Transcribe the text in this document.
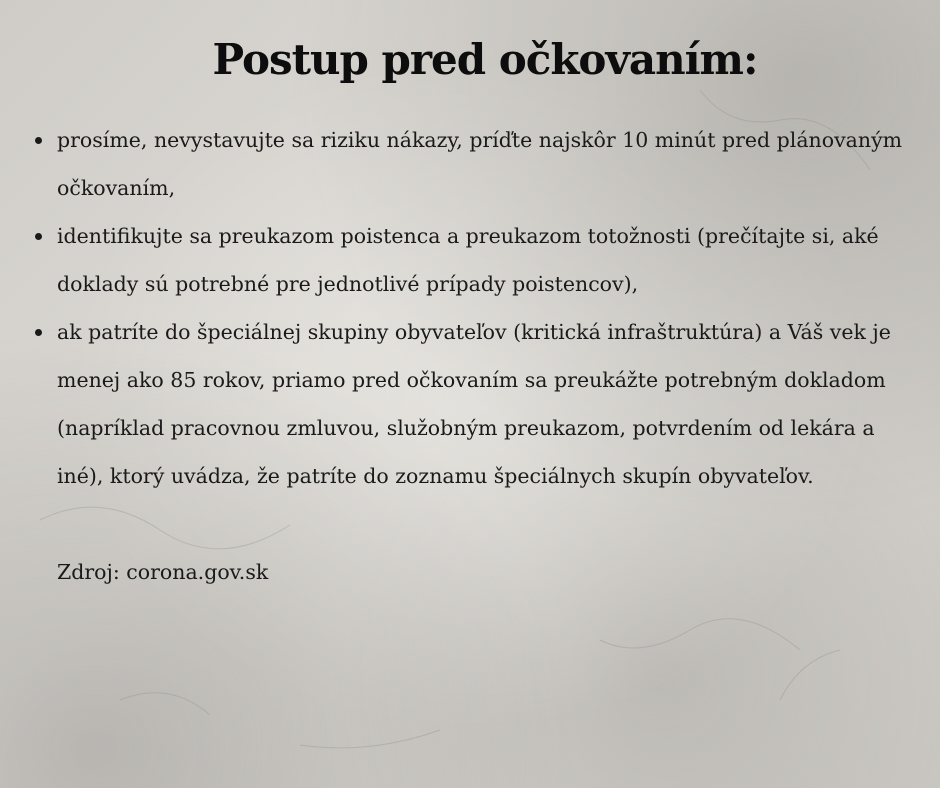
Postup pred očkovaním:
prosíme, nevystavujte sa riziku nákazy, príďte najskôr 10 minút pred plánovaným očkovaním,
identifikujte sa preukazom poistenca a preukazom totožnosti (prečítajte si, aké doklady sú potrebné pre jednotlivé prípady poistencov),
ak patríte do špeciálnej skupiny obyvateľov (kritická infraštruktúra) a Váš vek je menej ako 85 rokov, priamo pred očkovaním sa preukážte potrebným dokladom (napríklad pracovnou zmluvou, služobným preukazom, potvrdením od lekára a iné), ktorý uvádza, že patríte do zoznamu špeciálnych skupín obyvateľov.
Zdroj: corona.gov.sk
